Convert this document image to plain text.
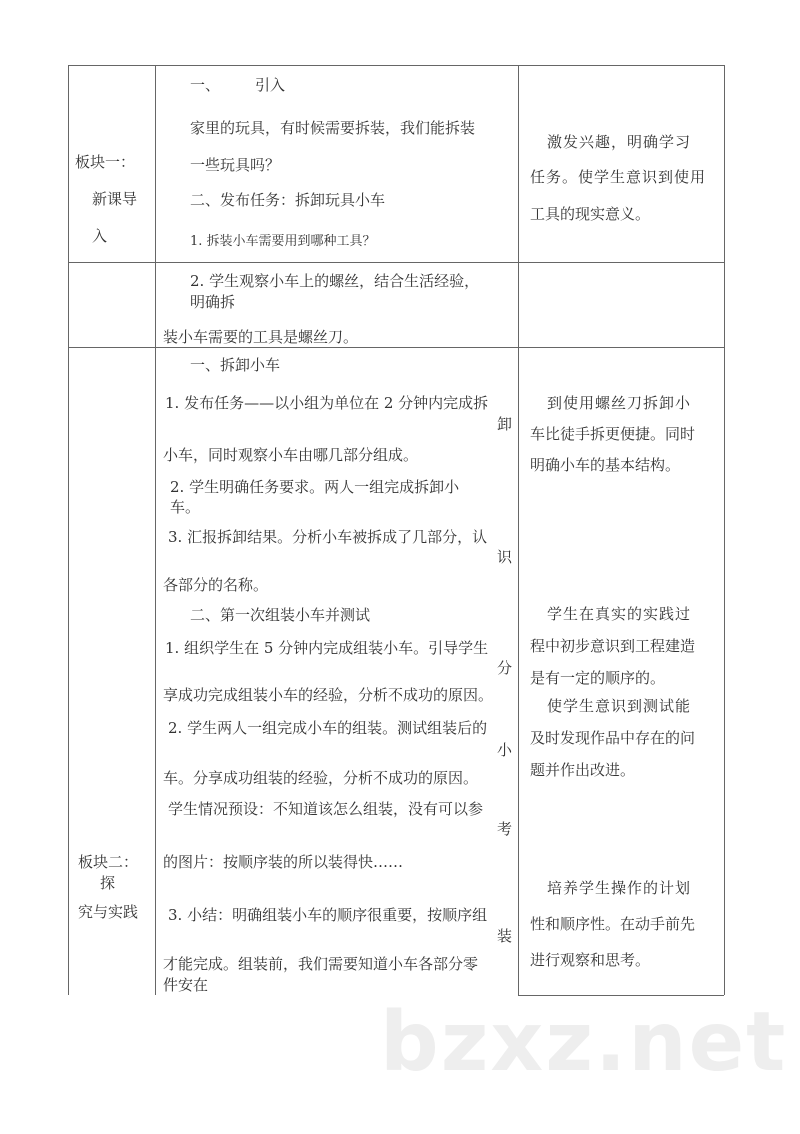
板块一：
新课导
入
一、 引入
家里的玩具，有时候需要拆装，我们能拆装
一些玩具吗？
二、发布任务：拆卸玩具小车
1. 拆装小车需要用到哪种工具？
激发兴趣，明确学习
任务。使学生意识到使用
工具的现实意义。
2. 学生观察小车上的螺丝，结合生活经验，
明确拆
装小车需要的工具是螺丝刀。
板块二：
探
究与实践
一、拆卸小车
1. 发布任务——以小组为单位在 2 分钟内完成拆
卸
小车，同时观察小车由哪几部分组成。
2. 学生明确任务要求。两人一组完成拆卸小
车。
3. 汇报拆卸结果。分析小车被拆成了几部分，认
识
各部分的名称。
二、第一次组装小车并测试
1. 组织学生在 5 分钟内完成组装小车。引导学生
分
享成功完成组装小车的经验，分析不成功的原因。
2. 学生两人一组完成小车的组装。测试组装后的
小
车。分享成功组装的经验，分析不成功的原因。
学生情况预设：不知道该怎么组装，没有可以参
考
的图片：按顺序装的所以装得快……
3. 小结：明确组装小车的顺序很重要，按顺序组
装
才能完成。组装前，我们需要知道小车各部分零
件安在
到使用螺丝刀拆卸小
车比徒手拆更便捷。同时
明确小车的基本结构。
学生在真实的实践过
程中初步意识到工程建造
是有一定的顺序的。
使学生意识到测试能
及时发现作品中存在的问
题并作出改进。
培养学生操作的计划
性和顺序性。在动手前先
进行观察和思考。
bzxz.net
